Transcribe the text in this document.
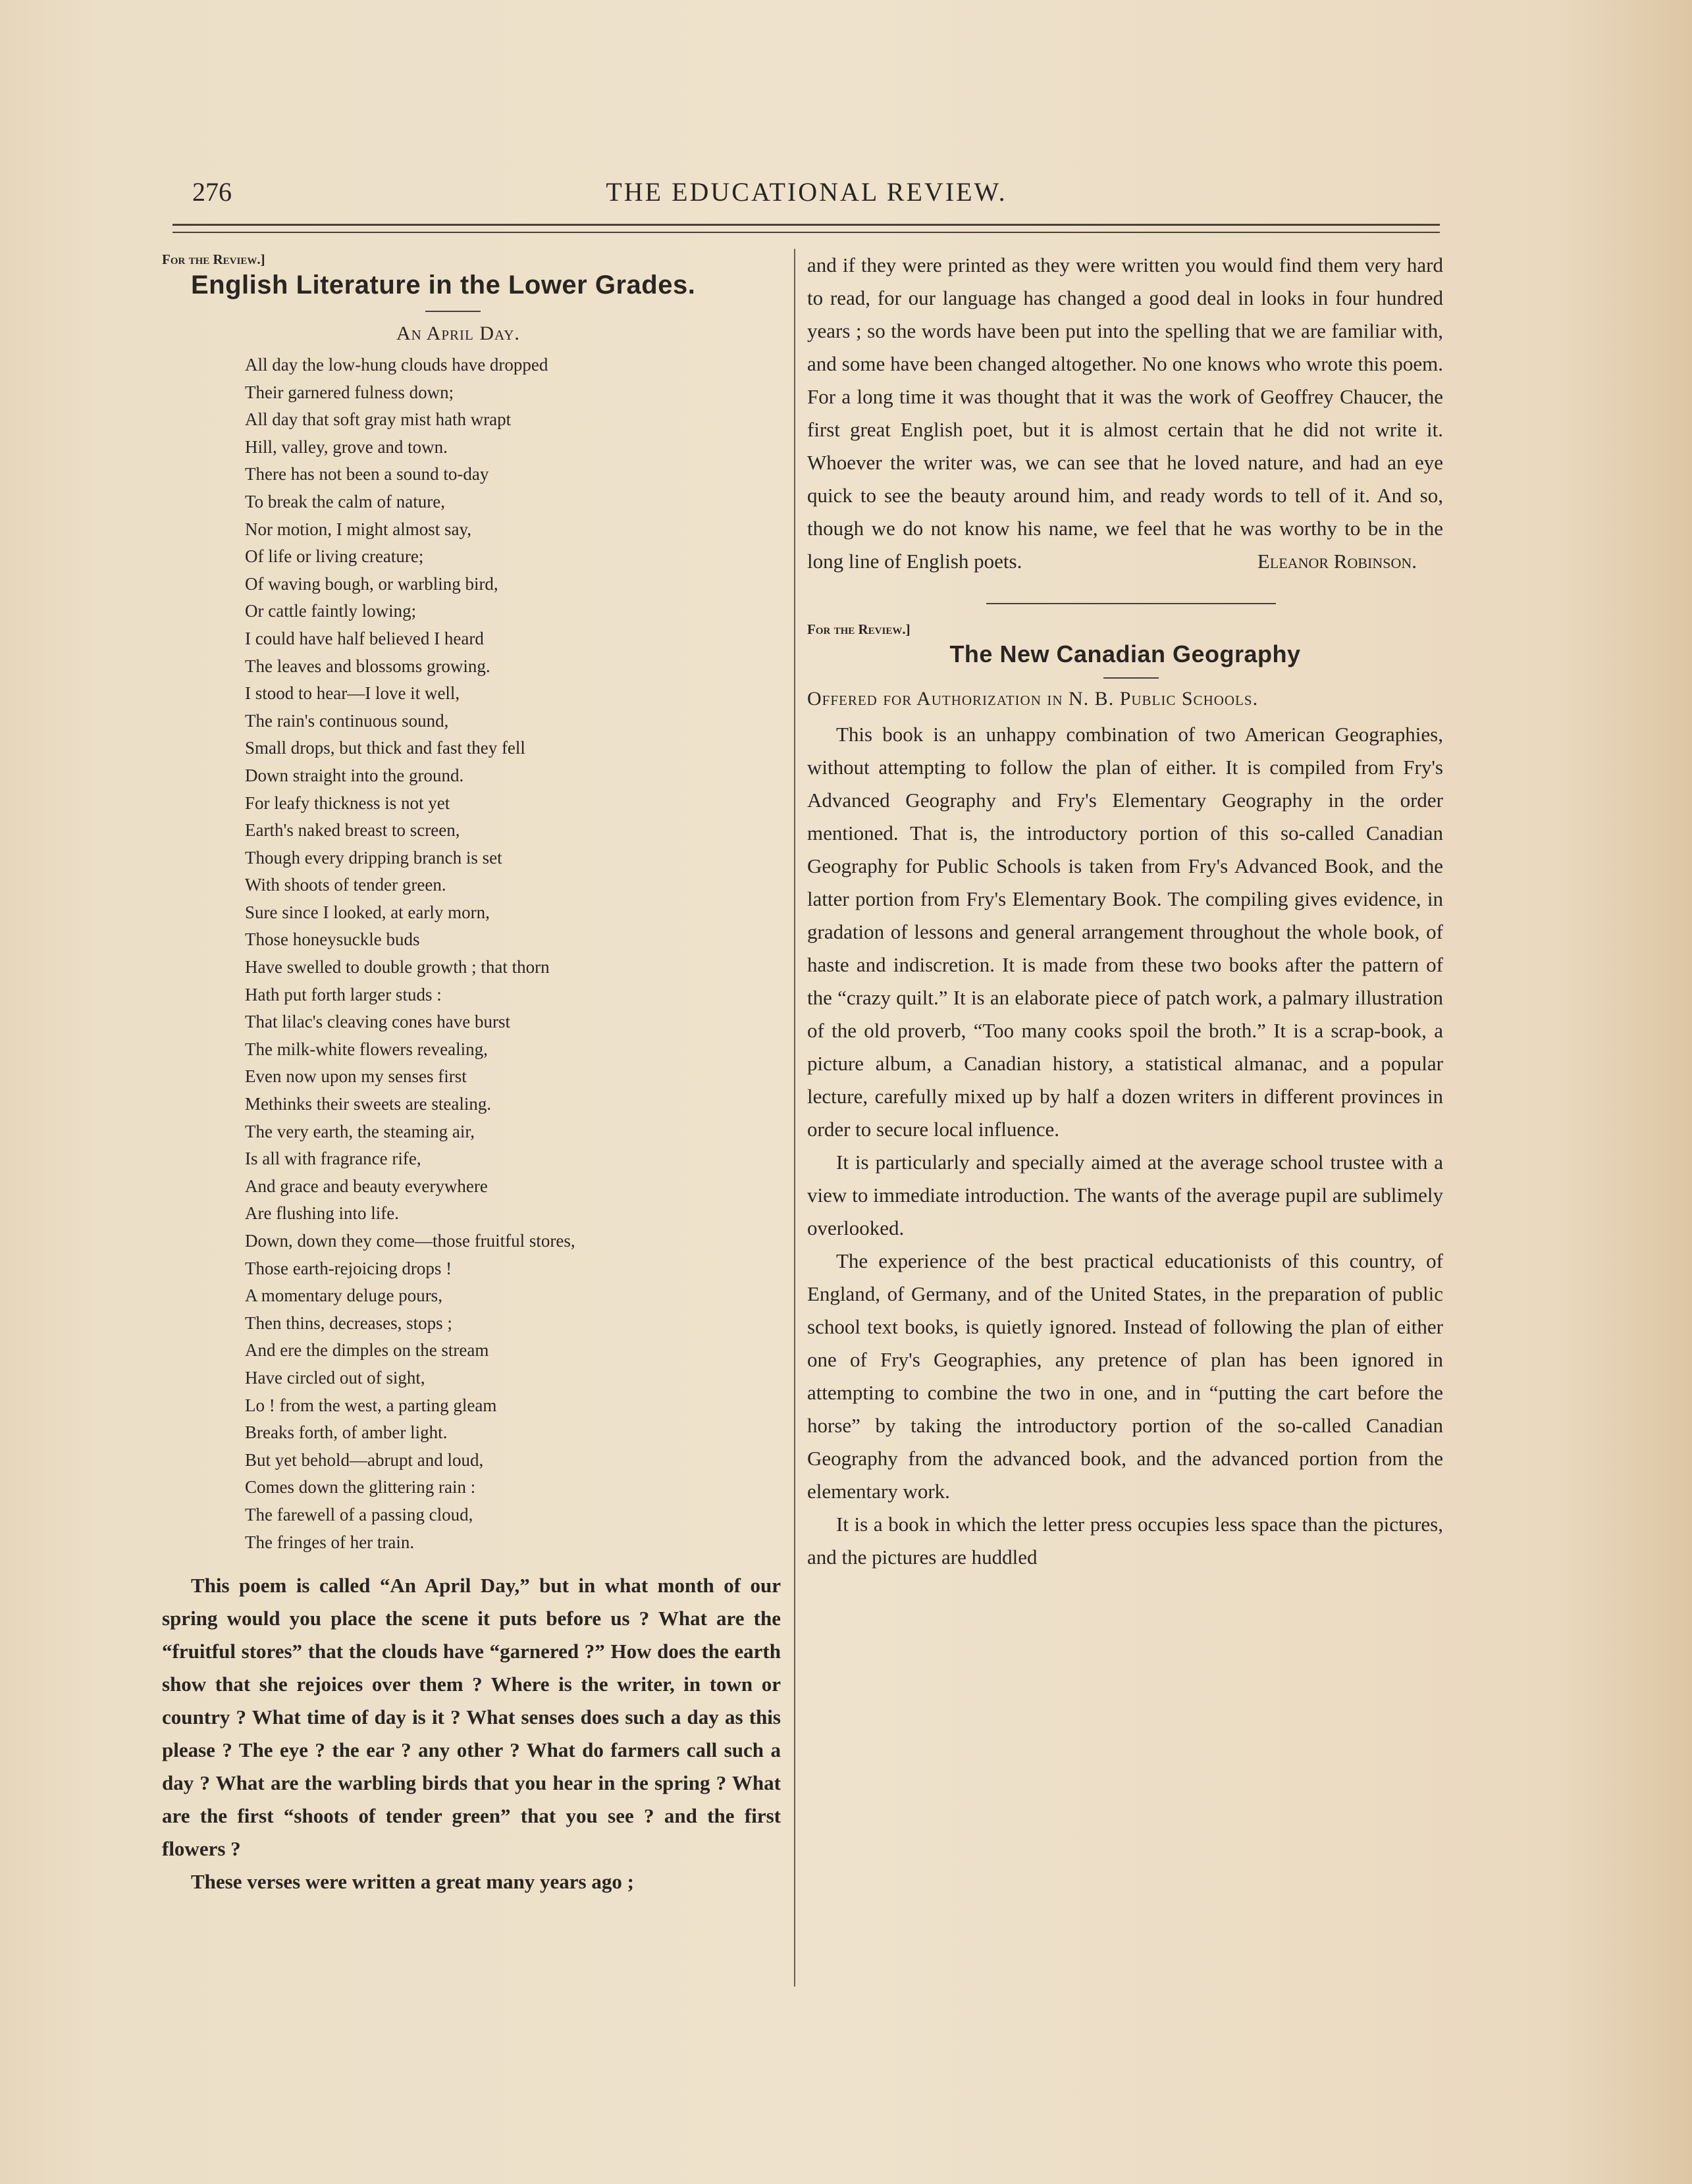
276	THE EDUCATIONAL REVIEW.
For the Review.]
English Literature in the Lower Grades.
An April Day.
All day the low-hung clouds have dropped
Their garnered fulness down;
All day that soft gray mist hath wrapt
Hill, valley, grove and town.
There has not been a sound to-day
To break the calm of nature,
Nor motion, I might almost say,
Of life or living creature;
Of waving bough, or warbling bird,
Or cattle faintly lowing;
I could have half believed I heard
The leaves and blossoms growing.
I stood to hear—I love it well,
The rain's continuous sound,
Small drops, but thick and fast they fell
Down straight into the ground.
For leafy thickness is not yet
Earth's naked breast to screen,
Though every dripping branch is set
With shoots of tender green.
Sure since I looked, at early morn,
Those honeysuckle buds
Have swelled to double growth ; that thorn
Hath put forth larger studs :
That lilac's cleaving cones have burst
The milk-white flowers revealing,
Even now upon my senses first
Methinks their sweets are stealing.
The very earth, the steaming air,
Is all with fragrance rife,
And grace and beauty everywhere
Are flushing into life.
Down, down they come—those fruitful stores,
Those earth-rejoicing drops !
A momentary deluge pours,
Then thins, decreases, stops ;
And ere the dimples on the stream
Have circled out of sight,
Lo ! from the west, a parting gleam
Breaks forth, of amber light.
But yet behold—abrupt and loud,
Comes down the glittering rain :
The farewell of a passing cloud,
The fringes of her train.

This poem is called “An April Day,” but in what month of our spring would you place the scene it puts before us ? What are the “fruitful stores” that the clouds have “garnered ?” How does the earth show that she rejoices over them ? Where is the writer, in town or country ? What time of day is it ? What senses does such a day as this please ? The eye ? the ear ? any other ? What do farmers call such a day ? What are the warbling birds that you hear in the spring ? What are the first “shoots of tender green” that you see ? and the first flowers ?

These verses were written a great many years ago ;

and if they were printed as they were written you would find them very hard to read, for our language has changed a good deal in looks in four hundred years ; so the words have been put into the spelling that we are familiar with, and some have been changed altogether. No one knows who wrote this poem. For a long time it was thought that it was the work of Geoffrey Chaucer, the first great English poet, but it is almost certain that he did not write it. Whoever the writer was, we can see that he loved nature, and had an eye quick to see the beauty around him, and ready words to tell of it. And so, though we do not know his name, we feel that he was worthy to be in the long line of English poets.	Eleanor Robinson.
For the Review.]
The New Canadian Geography
Offered for Authorization in N. B. Public Schools.

This book is an unhappy combination of two American Geographies, without attempting to follow the plan of either. It is compiled from Fry's Advanced Geography and Fry's Elementary Geography in the order mentioned. That is, the introductory portion of this so-called Canadian Geography for Public Schools is taken from Fry's Advanced Book, and the latter portion from Fry's Elementary Book. The compiling gives evidence, in gradation of lessons and general arrangement throughout the whole book, of haste and indiscretion. It is made from these two books after the pattern of the “crazy quilt.” It is an elaborate piece of patch work, a palmary illustration of the old proverb, “Too many cooks spoil the broth.” It is a scrap-book, a picture album, a Canadian history, a statistical almanac, and a popular lecture, carefully mixed up by half a dozen writers in different provinces in order to secure local influence.

It is particularly and specially aimed at the average school trustee with a view to immediate introduction. The wants of the average pupil are sublimely overlooked.

The experience of the best practical educationists of this country, of England, of Germany, and of the United States, in the preparation of public school text books, is quietly ignored. Instead of following the plan of either one of Fry's Geographies, any pretence of plan has been ignored in attempting to combine the two in one, and in “putting the cart before the horse” by taking the introductory portion of the so-called Canadian Geography from the advanced book, and the advanced portion from the elementary work.

It is a book in which the letter press occupies less space than the pictures, and the pictures are huddled
